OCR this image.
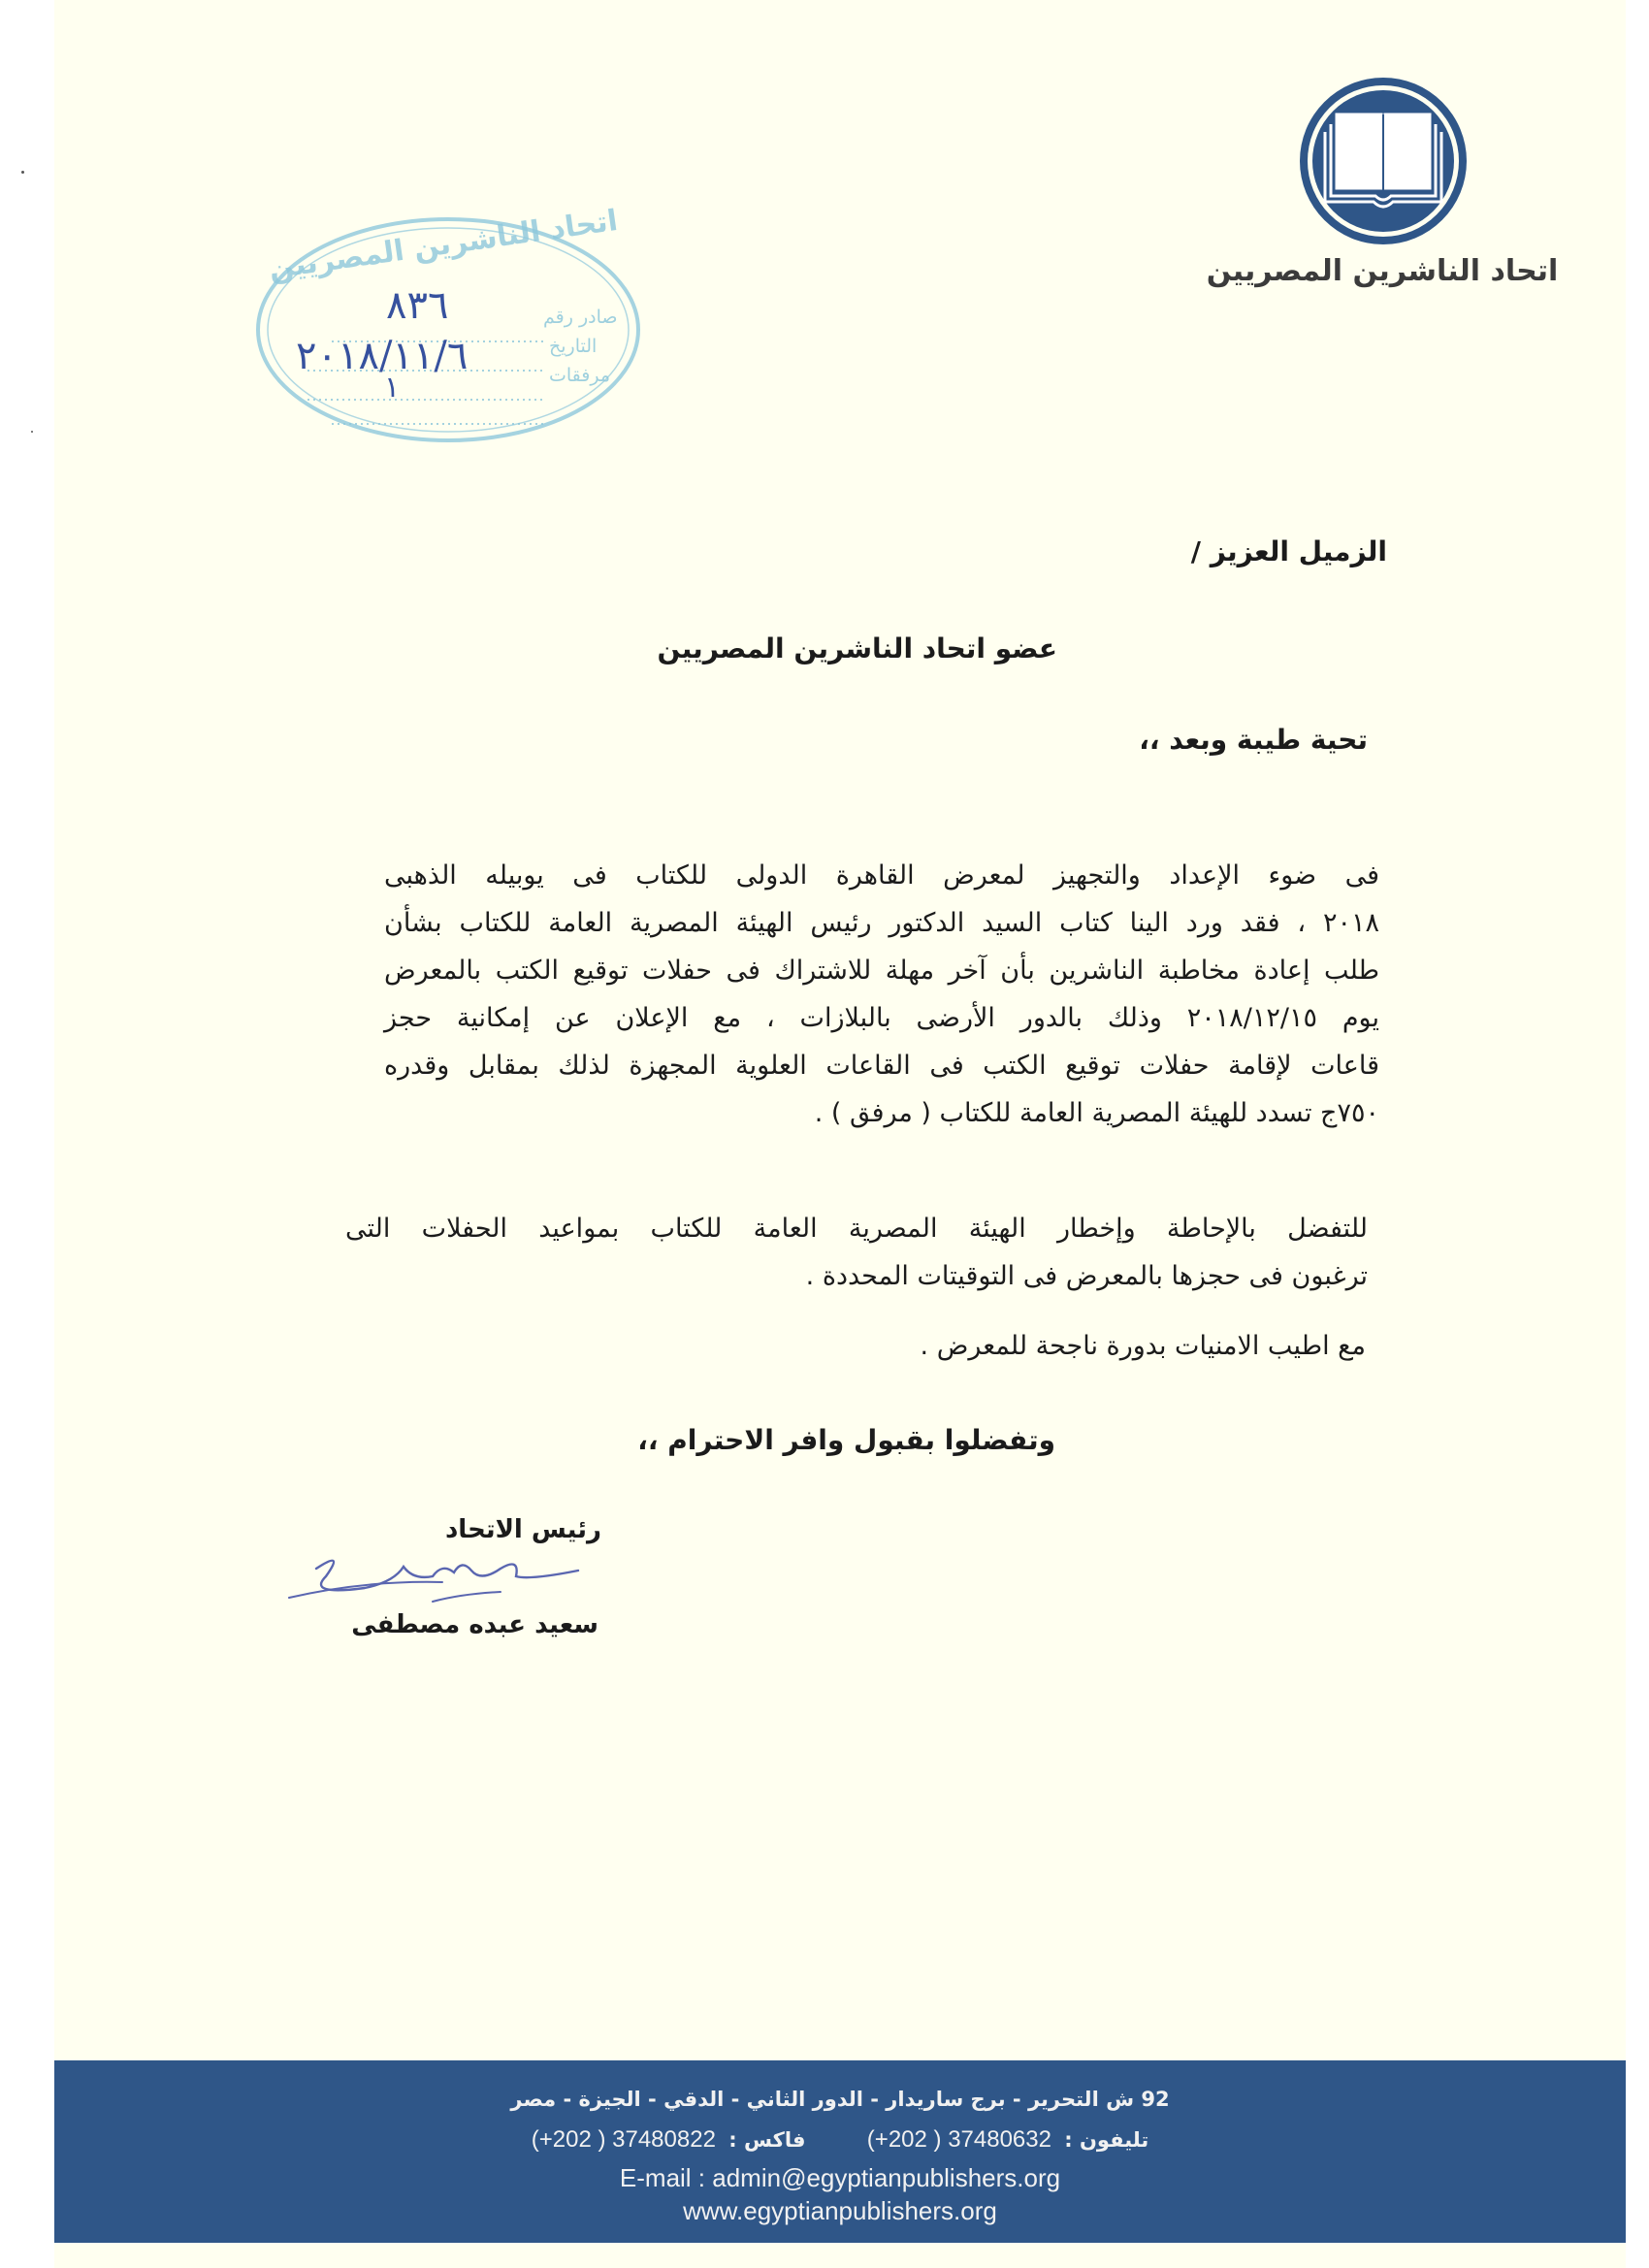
اتحاد الناشرين المصريين
اتحاد الناشرين المصريين
صادر رقم
التاريخ
مرفقات
٨٣٦
٢٠١٨/١١/٦
١
الزميل العزيز /
عضو اتحاد الناشرين المصريين
تحية طيبة وبعد ،،
فى ضوء الإعداد والتجهيز لمعرض القاهرة الدولى للكتاب فى يوبيله الذهبى
٢٠١٨ ، فقد ورد الينا كتاب السيد الدكتور رئيس الهيئة المصرية العامة للكتاب بشأن
طلب إعادة مخاطبة الناشرين بأن آخر مهلة للاشتراك فى حفلات توقيع الكتب بالمعرض
يوم ٢٠١٨/١٢/١٥ وذلك بالدور الأرضى بالبلازات ، مع الإعلان عن إمكانية حجز
قاعات لإقامة حفلات توقيع الكتب فى القاعات العلوية المجهزة لذلك بمقابل وقدره
٧٥٠ج تسدد للهيئة المصرية العامة للكتاب ( مرفق ) .
للتفضل بالإحاطة وإخطار الهيئة المصرية العامة للكتاب بمواعيد الحفلات التى
ترغبون فى حجزها بالمعرض فى التوقيتات المحددة .
مع اطيب الامنيات بدورة ناجحة للمعرض .
وتفضلوا بقبول وافر الاحترام ،،
رئيس الاتحاد
سعيد عبده مصطفى
92 ش التحرير - برج ساريدار - الدور الثاني - الدقي - الجيزة - مصر
تليفون : 37480632 ( 202+) فاكس : 37480822 ( 202+)
E-mail : admin@egyptianpublishers.org
www.egyptianpublishers.org
